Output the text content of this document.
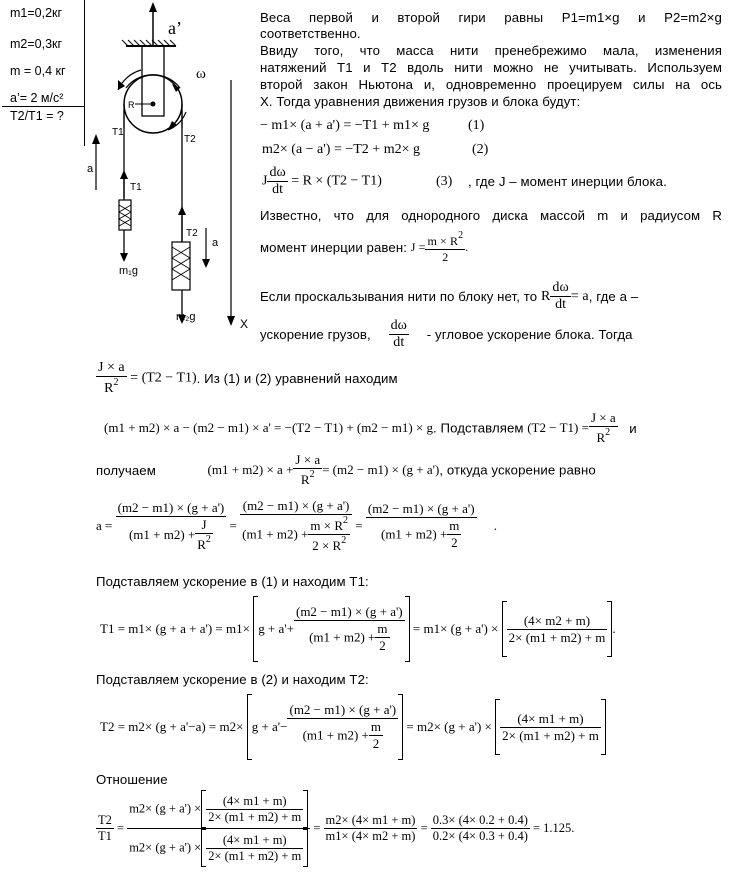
m1=0,2кг
m2=0,3кг
m = 0,4 кг
a’= 2 м/с²
T2/T1 = ?
a’
ω
R
T1
T2
a
T1
T2
a
m₁g
m₂g	X
Веса первой и второй гири равны P1=m1×g и P2=m2×g
соответственно.
Ввиду того, что масса нити пренебрежимо мала, изменения
натяжений T1 и T2 вдоль нити можно не учитывать. Используем
второй закон Ньютона и, одновременно проецируем силы на ось
X. Тогда уравнения движения грузов и блока будут:
− m1× (a + a') = −T1 + m1× g	(1)
m2× (a − a') = −T2 + m2× g	(2)
J $\frac{d\omega}{dt} = R \times (T2 - T1)$	(3) , где J – момент инерции блока.
Известно, что для однородного диска массой m и радиусом R
момент инерции равен: $J = \frac{m \times R^2}{2}$ .
Если проскальзывания нити по блоку нет, то R $\frac{d\omega}{dt} = a$, где a –
ускорение грузов, $\frac{d\omega}{dt}$ - угловое ускорение блока. Тогда
$\frac{J \times a}{R^2} = (T2 - T1)$. Из (1) и (2) уравнений находим
(m1 + m2) × a − (m2 − m1) × a' = −(T2 − T1) + (m2 − m1) × g. Подставляем $(T2 - T1) = \frac{J \times a}{R^2}$ и
получаем	$(m1 + m2) \times a + \frac{J \times a}{R^2} = (m2 - m1) \times (g + a')$, откуда ускорение равно
$a = \frac{(m2 - m1) \times (g + a')}{(m1 + m2) + \frac{J}{R^2}} = \frac{(m2 - m1) \times (g + a')}{(m1 + m2) + \frac{m \times R^2}{2 \times R^2}} = \frac{(m2 - m1) \times (g + a')}{(m1 + m2) + \frac{m}{2}}$ .
Подставляем ускорение в (1) и находим T1:
$T1 = m1\times (g + a + a') = m1\times g + a'+ \frac{(m2 - m1) \times (g + a')}{(m1 + m2) + \frac{m}{2}} = m1\times (g + a') \times \frac{(4\times m2 + m)}{2\times (m1 + m2) + m}$ .
Подставляем ускорение в (2) и находим T2:
$T2 = m2\times (g + a'-a) = m2\times g + a'- \frac{(m2 - m1) \times (g + a')}{(m1 + m2) + \frac{m}{2}} = m2\times (g + a') \times \frac{(4\times m1 + m)}{2\times (m1 + m2) + m}$
Отношение
$\frac{T2}{T1} = \frac{m2\times (g + a') \times \frac{(4\times m1 + m)}{2\times (m1 + m2) + m}}{m2\times (g + a') \times \frac{(4\times m1 + m)}{2\times (m1 + m2) + m}} = \frac{m2\times (4\times m1 + m)}{m1\times (4\times m2 + m)} = \frac{0.3\times (4\times 0.2 + 0.4)}{0.2\times (4\times 0.3 + 0.4)} = 1.125$.
